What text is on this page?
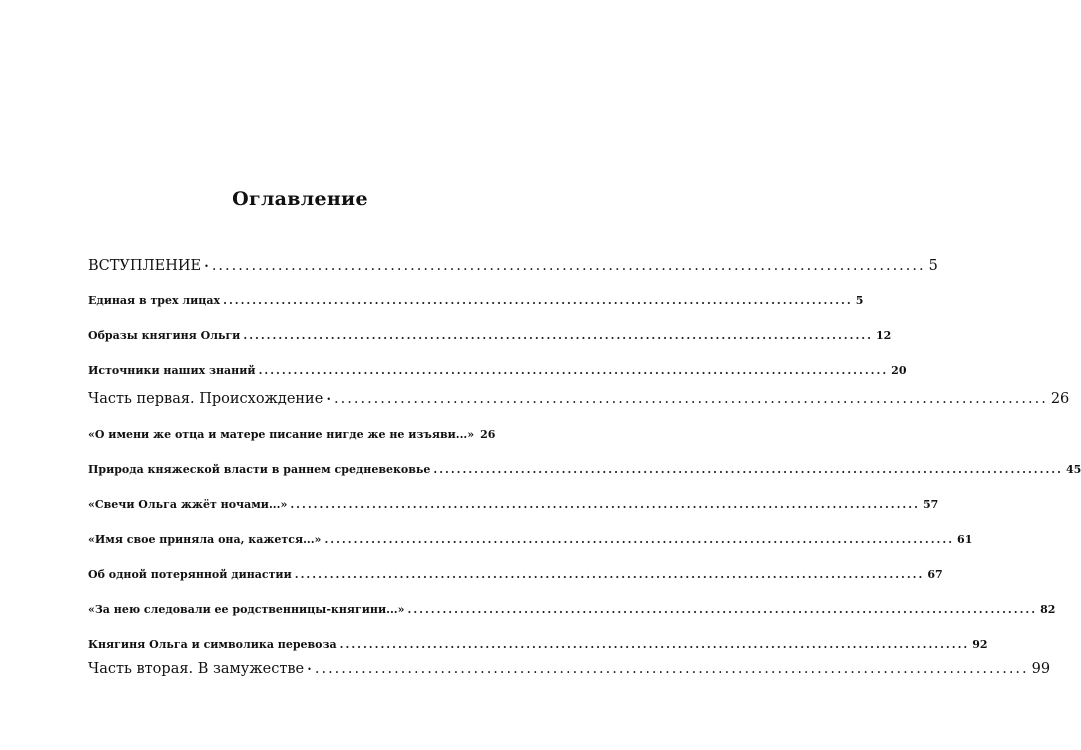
Оглавление
ВСТУПЛЕНИЕ • ............................................................................................................ 5
Единая в трех лицах ............................................................................................................ 5
Образы княгиня Ольги ............................................................................................................ 12
Источники наших знаний ............................................................................................................ 20
Часть первая. Происхождение • ............................................................................................................ 26
«О имени же отца и матере писание нигде же не изъяви...» 26
Природа княжеской власти в раннем средневековье ............................................................................................................ 45
«Свечи Ольга жжёт ночами...» ............................................................................................................ 57
«Имя свое приняла она, кажется...» ............................................................................................................ 61
Об одной потерянной династии ............................................................................................................ 67
«За нею следовали ее родственницы-княгини...» ............................................................................................................ 82
Княгиня Ольга и символика перевоза ............................................................................................................ 92
Часть вторая. В замужестве • ............................................................................................................ 99
